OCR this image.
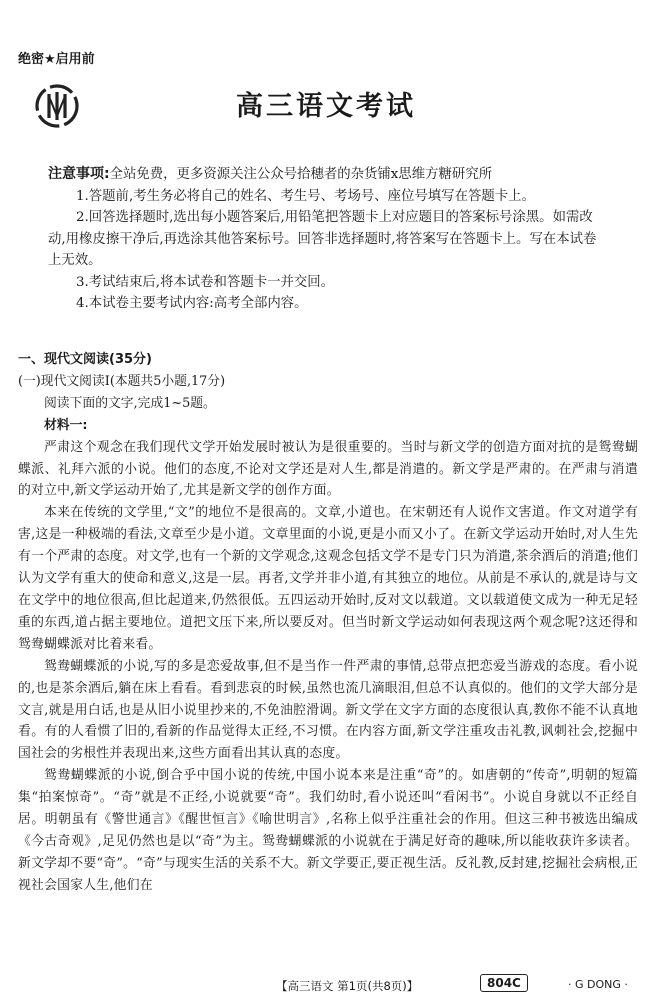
绝密★启用前
高三语文考试

注意事项:全站免费，更多资源关注公众号拾穗者的杂货铺x思维方糖研究所

1.答题前,考生务必将自己的姓名、考生号、考场号、座位号填写在答题卡上。

2.回答选择题时,选出每小题答案后,用铅笔把答题卡上对应题目的答案标号涂黑。如需改动,用橡皮擦干净后,再选涂其他答案标号。回答非选择题时,将答案写在答题卡上。写在本试卷上无效。

3.考试结束后,将本试卷和答题卡一并交回。

4.本试卷主要考试内容:高考全部内容。

一、现代文阅读(35分)

(一)现代文阅读Ⅰ(本题共5小题,17分)

阅读下面的文字,完成1~5题。

材料一:

严肃这个观念在我们现代文学开始发展时被认为是很重要的。当时与新文学的创造方面对抗的是鸳鸯蝴蝶派、礼拜六派的小说。他们的态度,不论对文学还是对人生,都是消遣的。新文学是严肃的。在严肃与消遣的对立中,新文学运动开始了,尤其是新文学的创作方面。

本来在传统的文学里,“文”的地位不是很高的。文章,小道也。在宋朝还有人说作文害道。作文对道学有害,这是一种极端的看法,文章至少是小道。文章里面的小说,更是小而又小了。在新文学运动开始时,对人生先有一个严肃的态度。对文学,也有一个新的文学观念,这观念包括文学不是专门只为消遣,茶余酒后的消遣;他们认为文学有重大的使命和意义,这是一层。再者,文学并非小道,有其独立的地位。从前是不承认的,就是诗与文在文学中的地位很高,但比起道来,仍然很低。五四运动开始时,反对文以载道。文以载道使文成为一种无足轻重的东西,道占据主要地位。道把文压下来,所以要反对。但当时新文学运动如何表现这两个观念呢?这还得和鸳鸯蝴蝶派对比着来看。

鸳鸯蝴蝶派的小说,写的多是恋爱故事,但不是当作一件严肃的事情,总带点把恋爱当游戏的态度。看小说的,也是茶余酒后,躺在床上看看。看到悲哀的时候,虽然也流几滴眼泪,但总不认真似的。他们的文学大部分是文言,就是用白话,也是从旧小说里抄来的,不免油腔滑调。新文学在文字方面的态度很认真,教你不能不认真地看。有的人看惯了旧的,看新的作品觉得太正经,不习惯。在内容方面,新文学注重攻击礼教,讽刺社会,挖掘中国社会的劣根性并表现出来,这些方面看出其认真的态度。

鸳鸯蝴蝶派的小说,倒合乎中国小说的传统,中国小说本来是注重“奇”的。如唐朝的“传奇”,明朝的短篇集“拍案惊奇”。“奇”就是不正经,小说就要“奇”。我们幼时,看小说还叫“看闲书”。小说自身就以不正经自居。明朝虽有《警世通言》《醒世恒言》《喻世明言》,名称上似乎注重社会的作用。但这三种书被选出编成《今古奇观》,足见仍然也是以“奇”为主。鸳鸯蝴蝶派的小说就在于满足好奇的趣味,所以能收获许多读者。新文学却不要“奇”。“奇”与现实生活的关系不大。新文学要正,要正视生活。反礼教,反封建,挖掘社会病根,正视社会国家人生,他们在

【高三语文 第1页(共8页)】	804C	· G DONG ·
